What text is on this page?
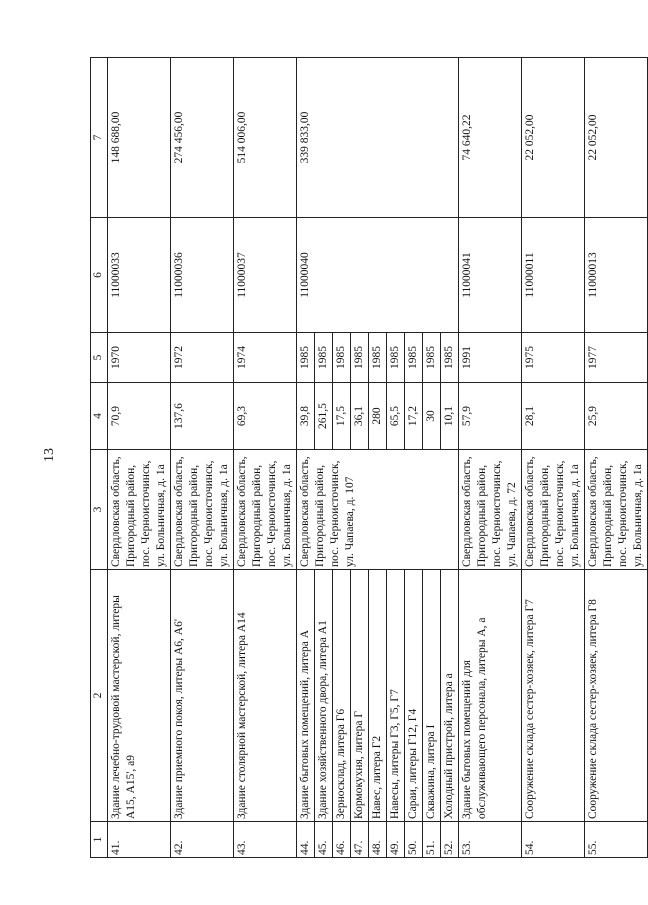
13
1	2	3	4	5	6	7
41.	Здание лечебно-трудовой мастерской, литеры А15, А15', а9	Свердловская область, Пригородный район, пос. Черноисточинск, ул. Больничная, д. 1а	70,9	1970	11000033	148 688,00
42.	Здание приемного покоя, литеры А6, А6'	Свердловская область, Пригородный район, пос. Черноисточинск, ул. Больничная, д. 1а	137,6	1972	11000036	274 456,00
43.	Здание столярной мастерской, литера А14	Свердловская область, Пригородный район, пос. Черноисточинск, ул. Больничная, д. 1а	69,3	1974	11000037	514 006,00
44.	Здание бытовых помещений, литера А	Свердловская область, Пригородный район, пос. Черноисточинск, ул. Чапаева, д. 107	39,8	1985	11000040	339 833,00
45.	Здание хозяйственного двора, литера А1		261,5	1985		
46.	Зерносклад, литера Г6		17,5	1985		
47.	Кормокухня, литера Г		36,1	1985		
48.	Навес, литера Г2		280	1985		
49.	Навесы, литеры Г3, Г5, Г7		65,5	1985		
50.	Сараи, литеры Г12, Г4		17,2	1985		
51.	Скважина, литера I		30	1985		
52.	Холодный пристрой, литера а		10,1	1985		
53.	Здание бытовых помещений для обслуживающего персонала, литеры А, а	Свердловская область, Пригородный район, пос. Черноисточинск, ул. Чапаева, д. 72	57,9	1991	11000041	74 640,22
54.	Сооружение склада сестер-хозяек, литера Г7	Свердловская область, Пригородный район, пос. Черноисточинск, ул. Больничная, д. 1а	28,1	1975	11000011	22 052,00
55.	Сооружение склада сестер-хозяек, литера Г8	Свердловская область, Пригородный район, пос. Черноисточинск, ул. Больничная, д. 1а	25,9	1977	11000013	22 052,00
